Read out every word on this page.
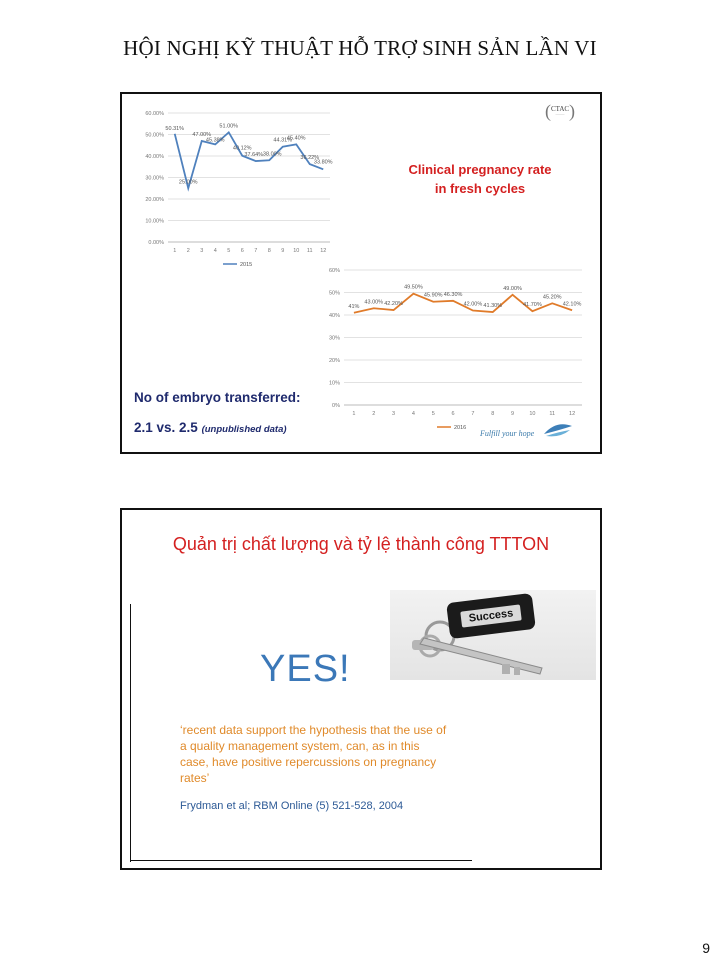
HỘI NGHỊ KỸ THUẬT HỖ TRỢ SINH SẢN LẦN VI
0.00%
10.00%
20.00%
30.00%
40.00%
50.00%
60.00%
1 2 3 4 5 6 7 8 9 10 11 12
50.31%
25.00%
47.00%
45.38%
51.00%
40.12%
37.64% 38.00%
44.31%
45.40%
36.22%
33.80%
2015
0%
10%
20%
30%
40%
50%
60%
1	2	3	4	5	6	7	8	9	10	11	12
41%
43.00% 42.20%
49.50%
45.90% 46.30%
42.00% 41.30%
49.00%
41.70%
45.20%
42.10%
2016
( CTAC
——— )
Clinical pregnancy rate
in fresh cycles
No of embryo transferred:
2.1 vs. 2.5 (unpublished data)	Fulfill your hope
Quản trị chất lượng và tỷ lệ thành công TTTON
Success
YES!
‘recent data support the hypothesis that the use of a quality management system, can, as in this case, have positive repercussions on pregnancy rates’
Frydman et al; RBM Online (5) 521-528, 2004
9
